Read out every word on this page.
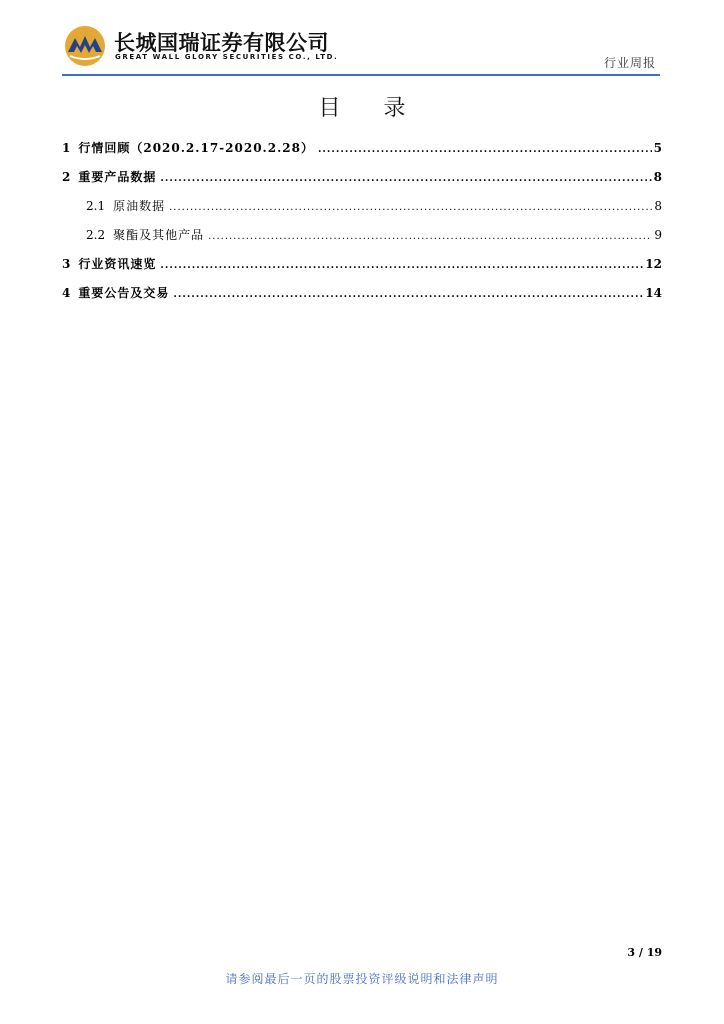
长城国瑞证券有限公司
GREAT WALL GLORY SECURITIES CO., LTD.	行业周报
目 录
1 行情回顾（2020.2.17-2020.2.28） .....	5
2 重要产品数据 .....	8
2.1 原油数据 .....	8
2.2 聚酯及其他产品 .....	9
3 行业资讯速览 .....	12
4 重要公告及交易 .....	14
3 / 19
请参阅最后一页的股票投资评级说明和法律声明
